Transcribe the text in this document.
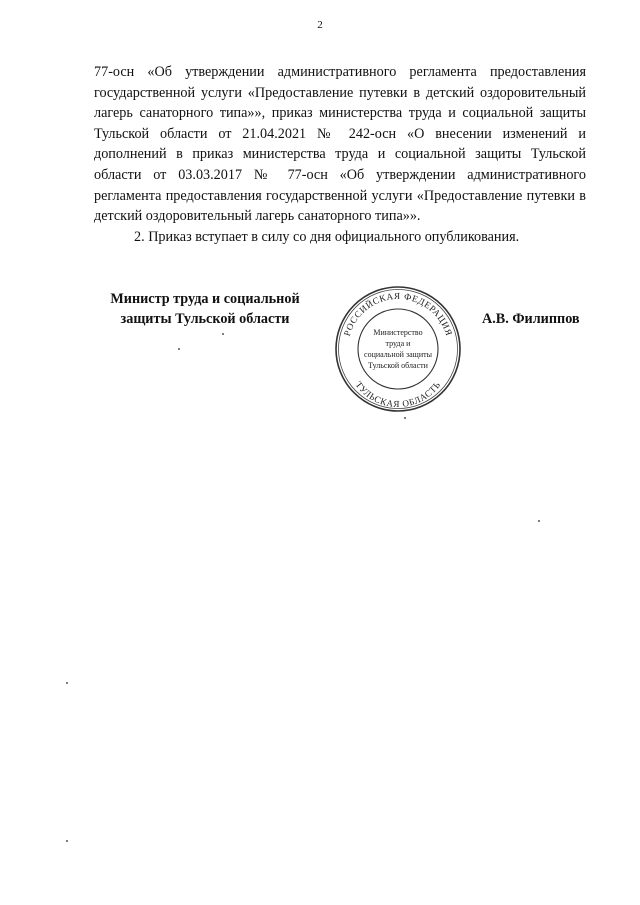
2

77-осн «Об утверждении административного регламента предоставления государственной услуги «Предоставление путевки в детский оздоровительный лагерь санаторного типа»», приказ министерства труда и социальной защиты Тульской области от 21.04.2021 № 242-осн «О внесении изменений и дополнений в приказ министерства труда и социальной защиты Тульской области от 03.03.2017 № 77-осн «Об утверждении административного регламента предоставления государственной услуги «Предоставление путевки в детский оздоровительный лагерь санаторного типа»».

2. Приказ вступает в силу со дня официального опубликования.

Министр труда и социальной
защиты Тульской области	А.В. Филиппов
РОССИЙСКАЯ ФЕДЕРАЦИЯ
ТУЛЬСКАЯ ОБЛАСТЬ
Министерство
труда и
социальной защиты
Тульской области
